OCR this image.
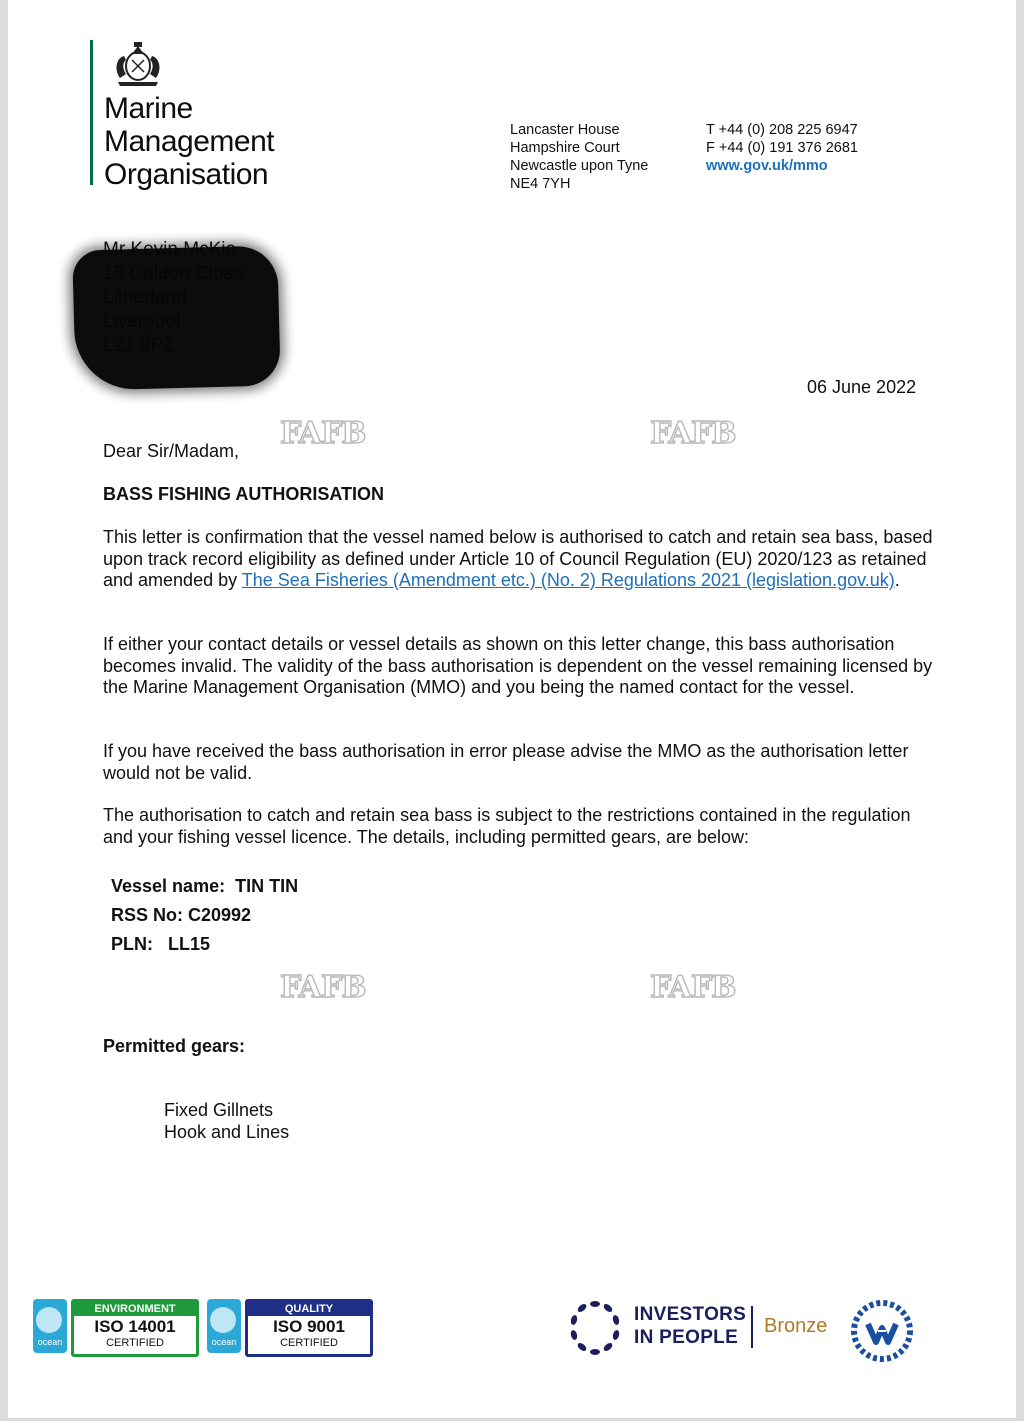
Marine
Management
Organisation
Lancaster House
Hampshire Court
Newcastle upon Tyne
NE4 7YH
T +44 (0) 208 225 6947
F +44 (0) 191 376 2681
www.gov.uk/mmo
06 June 2022
FAFB	FAFB
FAFB	FAFB
Dear Sir/Madam,
BASS FISHING AUTHORISATION
This letter is confirmation that the vessel named below is authorised to catch and retain sea bass, based upon track record eligibility as defined under Article 10 of Council Regulation (EU) 2020/123 as retained and amended by The Sea Fisheries (Amendment etc.) (No. 2) Regulations 2021 (legislation.gov.uk).
If either your contact details or vessel details as shown on this letter change, this bass authorisation becomes invalid. The validity of the bass authorisation is dependent on the vessel remaining licensed by the Marine Management Organisation (MMO) and you being the named contact for the vessel.
If you have received the bass authorisation in error please advise the MMO as the authorisation letter would not be valid.
The authorisation to catch and retain sea bass is subject to the restrictions contained in the regulation and your fishing vessel licence. The details, including permitted gears, are below:
Vessel name: TIN TIN
RSS No: C20992
PLN: LL15
Permitted gears:
Fixed Gillnets
Hook and Lines
ocean
ENVIRONMENT
ISO 14001
CERTIFIED	ocean
QUALITY
ISO 9001
CERTIFIED
INVESTORS
IN PEOPLE
Bronze
